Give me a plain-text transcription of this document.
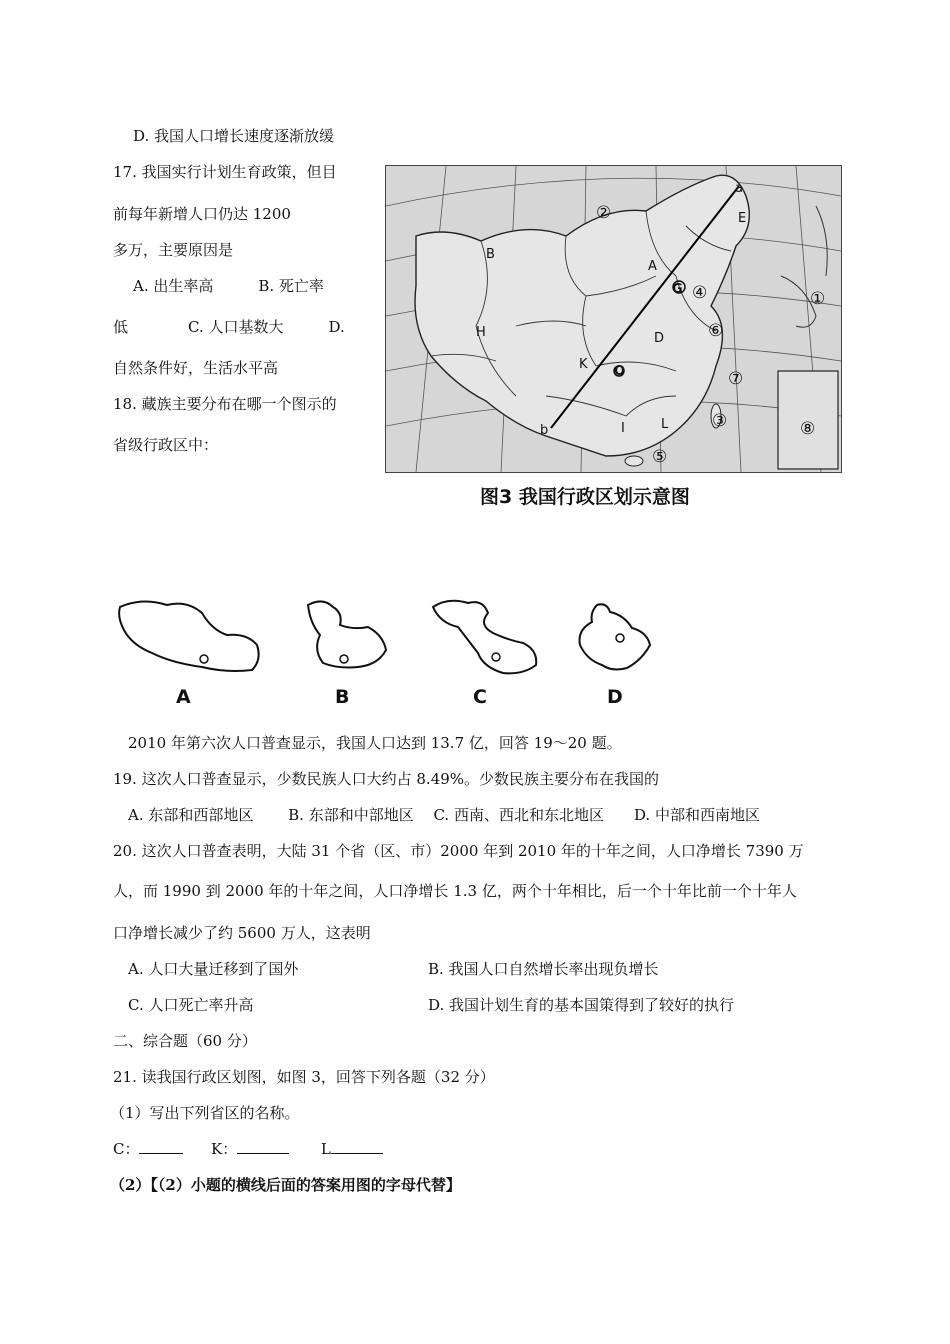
D. 我国人口增长速度逐渐放缓
17. 我国实行计划生育政策，但目
前每年新增人口仍达 1200
多万，主要原因是
A. 出生率高　　　B. 死亡率
低　　　　C. 人口基数大　　　D.
自然条件好，生活水平高
18. 藏族主要分布在哪一个图示的
省级行政区中：
a
E
B
②
A
G ④	①
H	⑥
D
K O	⑦
③
b	I	L	⑧
⑤
图3 我国行政区划示意图
A	B	C	D
2010 年第六次人口普查显示，我国人口达到 13.7 亿，回答 19～20 题。
19. 这次人口普查显示，少数民族人口大约占 8.49%。少数民族主要分布在我国的
A. 东部和西部地区　　 B. 东部和中部地区　 C. 西南、西北和东北地区　　D. 中部和西南地区
20. 这次人口普查表明，大陆 31 个省（区、市）2000 年到 2010 年的十年之间，人口净增长 7390 万
人，而 1990 到 2000 年的十年之间，人口净增长 1.3 亿，两个十年相比，后一个十年比前一个十年人
口净增长减少了约 5600 万人，这表明
A. 人口大量迁移到了国外	B. 我国人口自然增长率出现负增长
C. 人口死亡率升高	D. 我国计划生育的基本国策得到了较好的执行
二、综合题（60 分）
21. 读我国行政区划图，如图 3，回答下列各题（32 分）
（1）写出下列省区的名称。
C：	K：	L
（2）【（2）小题的横线后面的答案用图的字母代替】
